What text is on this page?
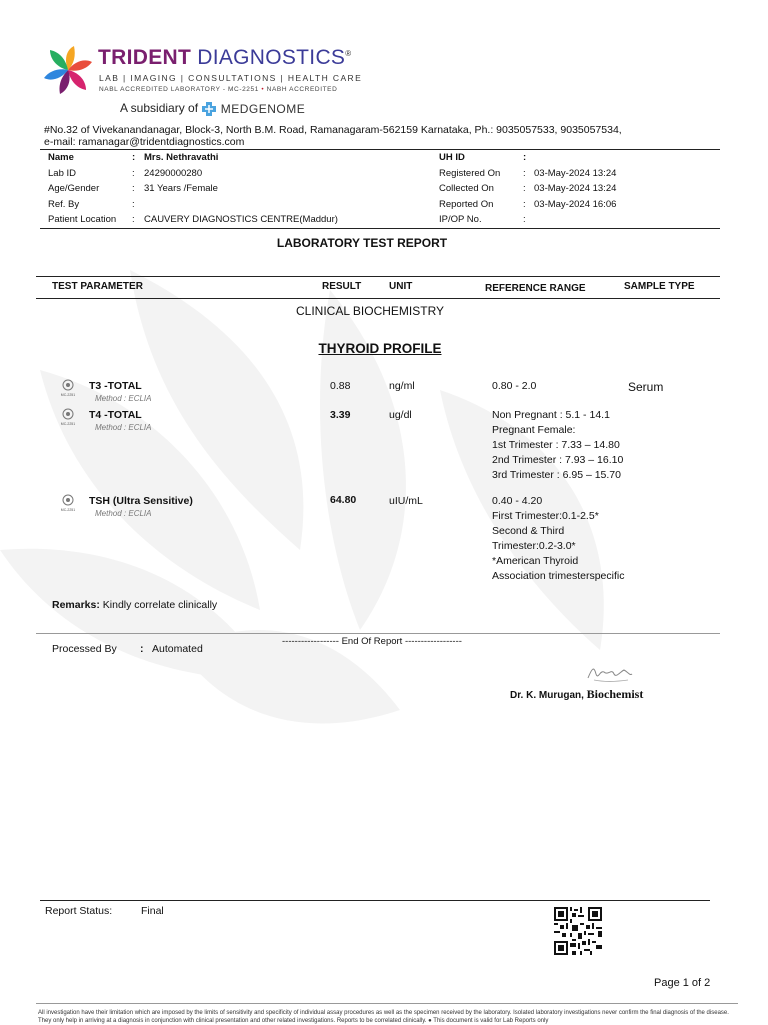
TRIDENT DIAGNOSTICS®
LAB | IMAGING | CONSULTATIONS | HEALTH CARE
NABL ACCREDITED LABORATORY - MC-2251 • NABH ACCREDITED
A subsidiary of MEDGENOME
#No.32 of Vivekanandanagar, Block-3, North B.M. Road, Ramanagaram-562159 Karnataka, Ph.: 9035057533, 9035057534,
e-mail: ramanagar@tridentdiagnostics.com
Name	: Mrs. Nethravathi
Lab ID	: 24290000280
Age/Gender	: 31 Years /Female
Ref. By	:
Patient Location : CAUVERY DIAGNOSTICS CENTRE(Maddur)
UH ID	:
Registered On : 03-May-2024 13:24
Collected On	: 03-May-2024 13:24
Reported On	: 03-May-2024 16:06
IP/OP No.	:
LABORATORY TEST REPORT
TEST PARAMETER	RESULT	UNIT	REFERENCE RANGE	SAMPLE TYPE
CLINICAL BIOCHEMISTRY
THYROID PROFILE
MC-2251
T3 -TOTAL
Method : ECLIA
0.88	ng/ml	0.80 - 2.0	Serum
MC-2251
T4 -TOTAL
Method : ECLIA
3.39	ug/dl	Non Pregnant : 5.1 - 14.1
Pregnant Female:
1st Trimester : 7.33 – 14.80
2nd Trimester : 7.93 – 16.10
3rd Trimester : 6.95 – 15.70
MC-2251
TSH (Ultra Sensitive)
Method : ECLIA
64.80	uIU/mL	0.40 - 4.20
First Trimester:0.1-2.5*
Second & Third
Trimester:0.2-3.0*
*American Thyroid
Association trimesterspecific
Remarks: Kindly correlate clinically
------------------ End Of Report ------------------
Processed By : Automated
Dr. K. Murugan, Biochemist
Report Status:	Final
Page 1 of 2
All investigation have their limitation which are imposed by the limits of sensitivity and specificity of individual assay procedures as well as the specimen received by the laboratory. Isolated laboratory investigations never confirm the final diagnosis of the disease. They only help in arriving at a diagnosis in conjunction with clinical presentation and other related investigations. Reports to be correlated clinically. ● This document is valid for Lab Reports only
